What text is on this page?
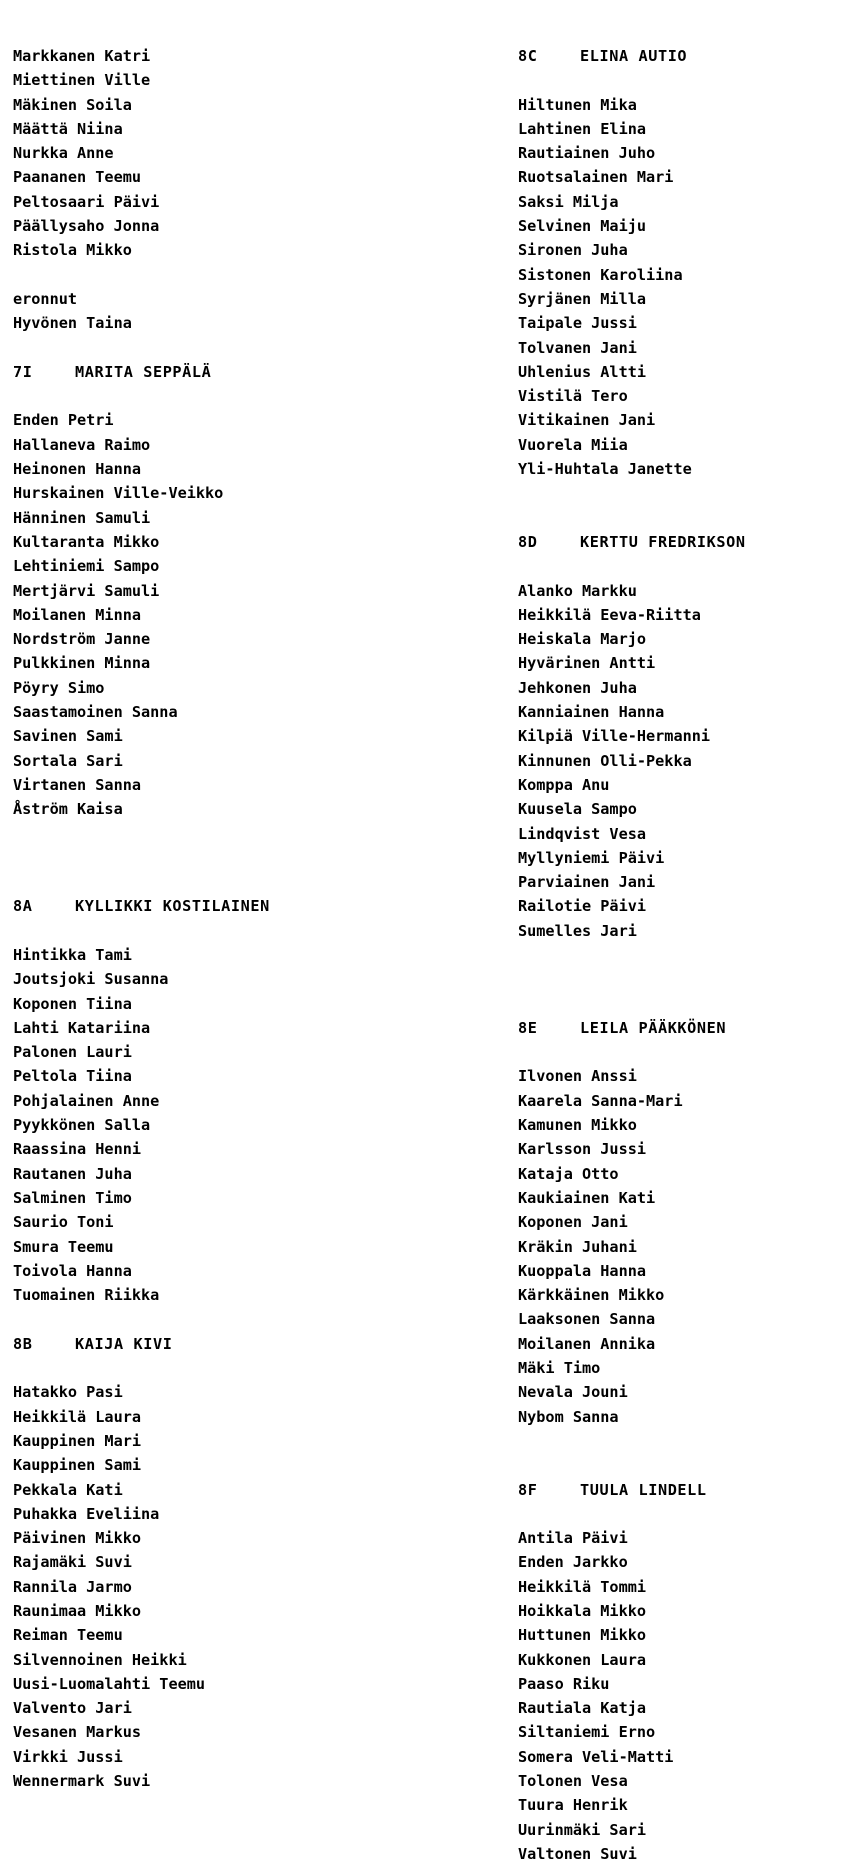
Markkanen Katri
Miettinen Ville
Mäkinen Soila
Määttä Niina
Nurkka Anne
Paananen Teemu
Peltosaari Päivi
Päällysaho Jonna
Ristola Mikko
eronnut
Hyvönen Taina
7I	MARITA SEPPÄLÄ
Enden Petri
Hallaneva Raimo
Heinonen Hanna
Hurskainen Ville-Veikko
Hänninen Samuli
Kultaranta Mikko
Lehtiniemi Sampo
Mertjärvi Samuli
Moilanen Minna
Nordström Janne
Pulkkinen Minna
Pöyry Simo
Saastamoinen Sanna
Savinen Sami
Sortala Sari
Virtanen Sanna
Åström Kaisa
8A	KYLLIKKI KOSTILAINEN
Hintikka Tami
Joutsjoki Susanna
Koponen Tiina
Lahti Katariina
Palonen Lauri
Peltola Tiina
Pohjalainen Anne
Pyykkönen Salla
Raassina Henni
Rautanen Juha
Salminen Timo
Saurio Toni
Smura Teemu
Toivola Hanna
Tuomainen Riikka
8B	KAIJA KIVI
Hatakko Pasi
Heikkilä Laura
Kauppinen Mari
Kauppinen Sami
Pekkala Kati
Puhakka Eveliina
Päivinen Mikko
Rajamäki Suvi
Rannila Jarmo
Raunimaa Mikko
Reiman Teemu
Silvennoinen Heikki
Uusi-Luomalahti Teemu
Valvento Jari
Vesanen Markus
Virkki Jussi
Wennermark Suvi
8C	ELINA AUTIO
Hiltunen Mika
Lahtinen Elina
Rautiainen Juho
Ruotsalainen Mari
Saksi Milja
Selvinen Maiju
Sironen Juha
Sistonen Karoliina
Syrjänen Milla
Taipale Jussi
Tolvanen Jani
Uhlenius Altti
Vistilä Tero
Vitikainen Jani
Vuorela Miia
Yli-Huhtala Janette
8D	KERTTU FREDRIKSON
Alanko Markku
Heikkilä Eeva-Riitta
Heiskala Marjo
Hyvärinen Antti
Jehkonen Juha
Kanniainen Hanna
Kilpiä Ville-Hermanni
Kinnunen Olli-Pekka
Komppa Anu
Kuusela Sampo
Lindqvist Vesa
Myllyniemi Päivi
Parviainen Jani
Railotie Päivi
Sumelles Jari
8E	LEILA PÄÄKKÖNEN
Ilvonen Anssi
Kaarela Sanna-Mari
Kamunen Mikko
Karlsson Jussi
Kataja Otto
Kaukiainen Kati
Koponen Jani
Kräkin Juhani
Kuoppala Hanna
Kärkkäinen Mikko
Laaksonen Sanna
Moilanen Annika
Mäki Timo
Nevala Jouni
Nybom Sanna
8F	TUULA LINDELL
Antila Päivi
Enden Jarkko
Heikkilä Tommi
Hoikkala Mikko
Huttunen Mikko
Kukkonen Laura
Paaso Riku
Rautiala Katja
Siltaniemi Erno
Somera Veli-Matti
Tolonen Vesa
Tuura Henrik
Uurinmäki Sari
Valtonen Suvi
